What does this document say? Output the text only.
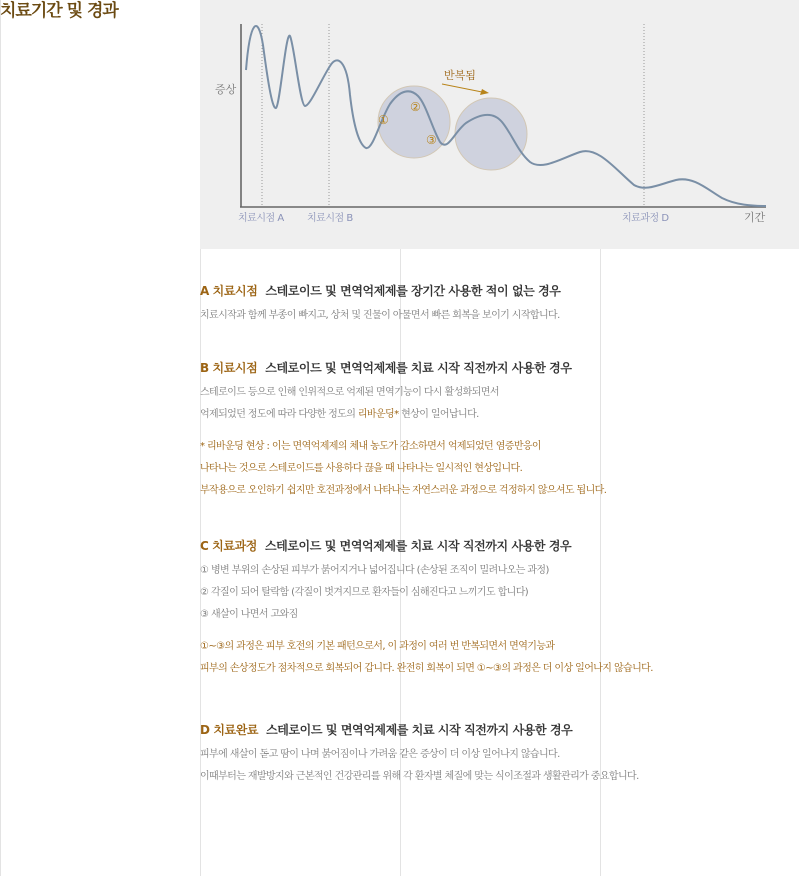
치료기간 및 경과
증상
기간
치료시점 A 치료시점 B	치료과정 D
반복됨
①
②
③
A 치료시점 스테로이드 및 면역억제제를 장기간 사용한 적이 없는 경우
치료시작과 함께 부종이 빠지고, 상처 및 진물이 아물면서 빠른 회복을 보이기 시작합니다.
B 치료시점 스테로이드 및 면역억제제를 치료 시작 직전까지 사용한 경우
스테로이드 등으로 인해 인위적으로 억제된 면역기능이 다시 활성화되면서
억제되었던 정도에 따라 다양한 정도의 리바운딩* 현상이 일어납니다.
* 리바운딩 현상 : 이는 면역억제제의 체내 농도가 감소하면서 억제되었던 염증반응이
나타나는 것으로 스테로이드를 사용하다 끊을 때 나타나는 일시적인 현상입니다.
부작용으로 오인하기 쉽지만 호전과정에서 나타나는 자연스러운 과정으로 걱정하지 않으셔도 됩니다.
C 치료과정 스테로이드 및 면역억제제를 치료 시작 직전까지 사용한 경우
① 병변 부위의 손상된 피부가 붉어지거나 넓어집니다 (손상된 조직이 밀려나오는 과정)
② 각질이 되어 탈락함 (각질이 벗겨지므로 환자들이 심해진다고 느끼기도 합니다)
③ 새살이 나면서 고와짐
①~③의 과정은 피부 호전의 기본 패턴으로서, 이 과정이 여러 번 반복되면서 면역기능과
피부의 손상정도가 점차적으로 회복되어 갑니다. 완전히 회복이 되면 ①~③의 과정은 더 이상 일어나지 않습니다.
D 치료완료 스테로이드 및 면역억제제를 치료 시작 직전까지 사용한 경우
피부에 새살이 돋고 땀이 나며 붉어짐이나 가려움 같은 증상이 더 이상 일어나지 않습니다.
이때부터는 재발방지와 근본적인 건강관리를 위해 각 환자별 체질에 맞는 식이조절과 생활관리가 중요합니다.
